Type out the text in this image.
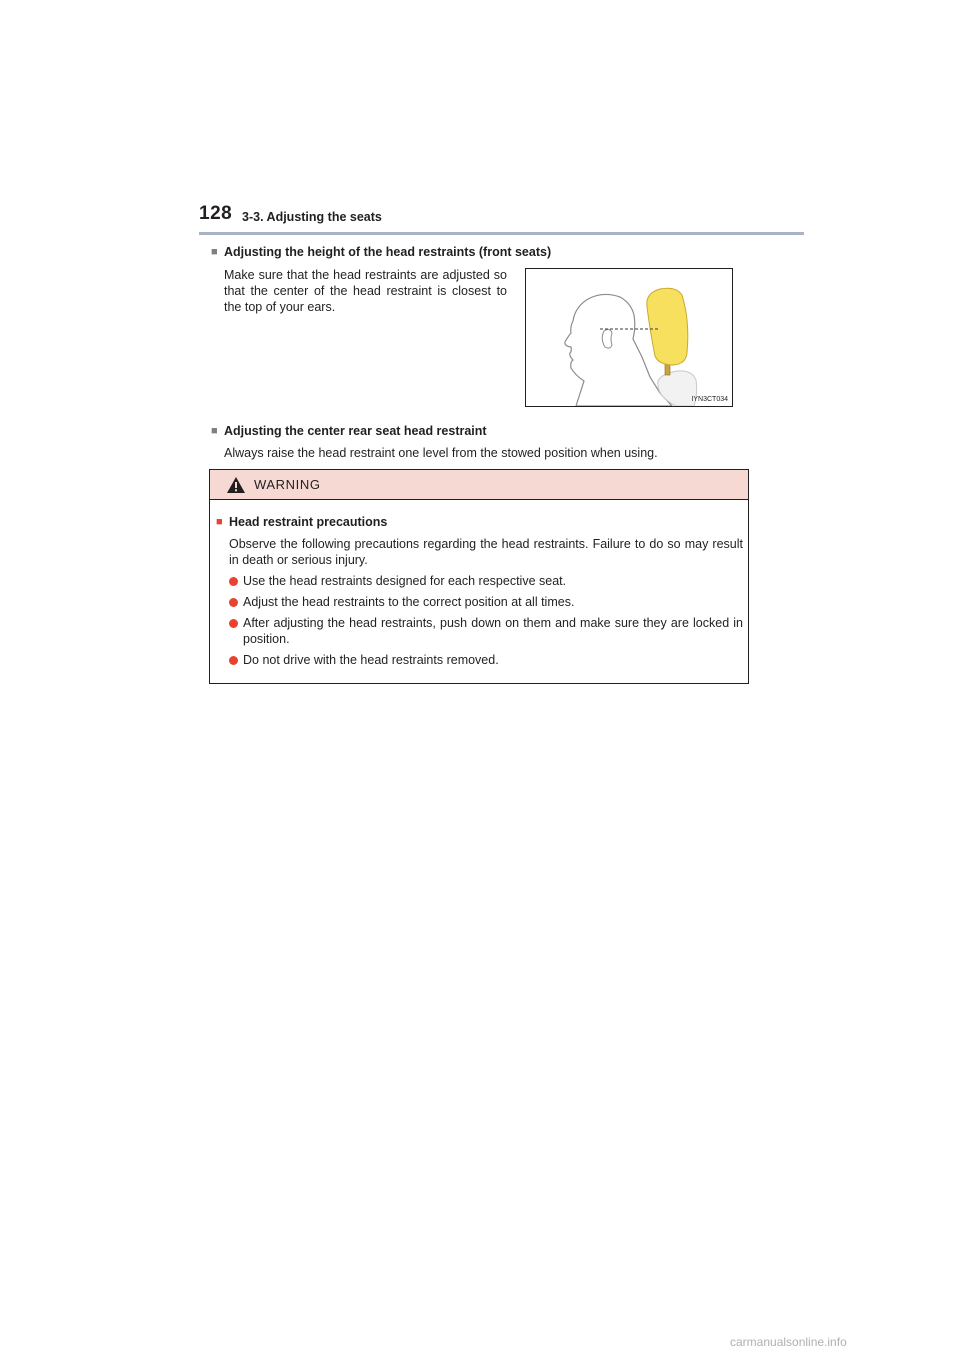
128 3-3. Adjusting the seats
■ Adjusting the height of the head restraints (front seats)
Make sure that the head restraints are adjusted so that the center of the head restraint is closest to the top of your ears.
IYN3CT034
■ Adjusting the center rear seat head restraint
Always raise the head restraint one level from the stowed position when using.
WARNING
■ Head restraint precautions
Observe the following precautions regarding the head restraints. Failure to do so may result in death or serious injury.
Use the head restraints designed for each respective seat.
Adjust the head restraints to the correct position at all times.
After adjusting the head restraints, push down on them and make sure they are locked in position.
Do not drive with the head restraints removed.
carmanualsonline.info
